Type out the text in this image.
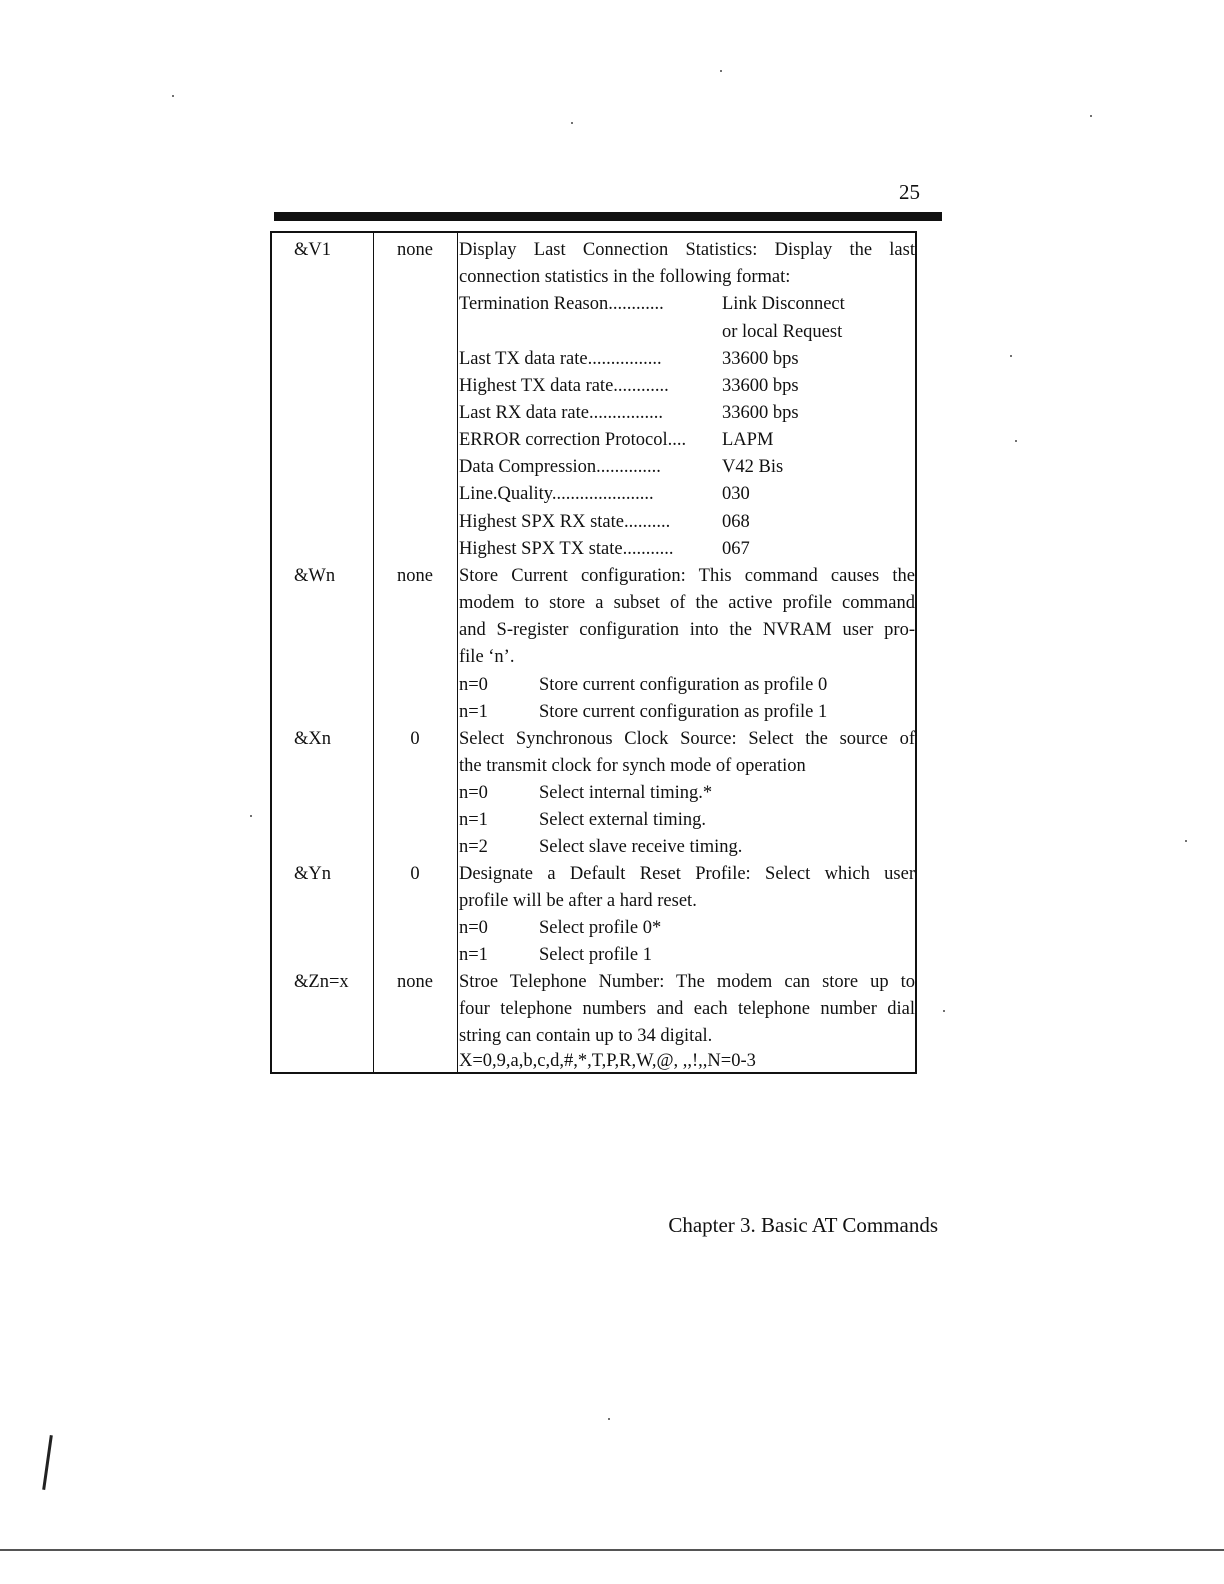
25
&V1	none	Display Last Connection Statistics: Display the last
connection statistics in the following format:
Termination Reason............	Link Disconnect
or local Request
Last TX data rate................	33600 bps
Highest TX data rate............	33600 bps
Last RX data rate................	33600 bps
ERROR correction Protocol.... LAPM
Data Compression..............	V42 Bis
Line.Quality......................	030
Highest SPX RX state..........	068
Highest SPX TX state...........	067
&Wn	none	Store Current configuration: This command causes the
modem to store a subset of the active profile command
and S-register configuration into the NVRAM user pro-
file ‘n’.
n=0	Store current configuration as profile 0
n=1	Store current configuration as profile 1
&Xn	0	Select Synchronous Clock Source: Select the source of
the transmit clock for synch mode of operation
n=0	Select internal timing.*
n=1	Select external timing.
n=2	Select slave receive timing.
&Yn	0	Designate a Default Reset Profile: Select which user
profile will be after a hard reset.
n=0	Select profile 0*
n=1	Select profile 1
&Zn=x	none	Stroe Telephone Number: The modem can store up to
four telephone numbers and each telephone number dial
string can contain up to 34 digital.
X=0,9,a,b,c,d,#,*,T,P,R,W,@, ,,!,,N=0-3
Chapter 3. Basic AT Commands
